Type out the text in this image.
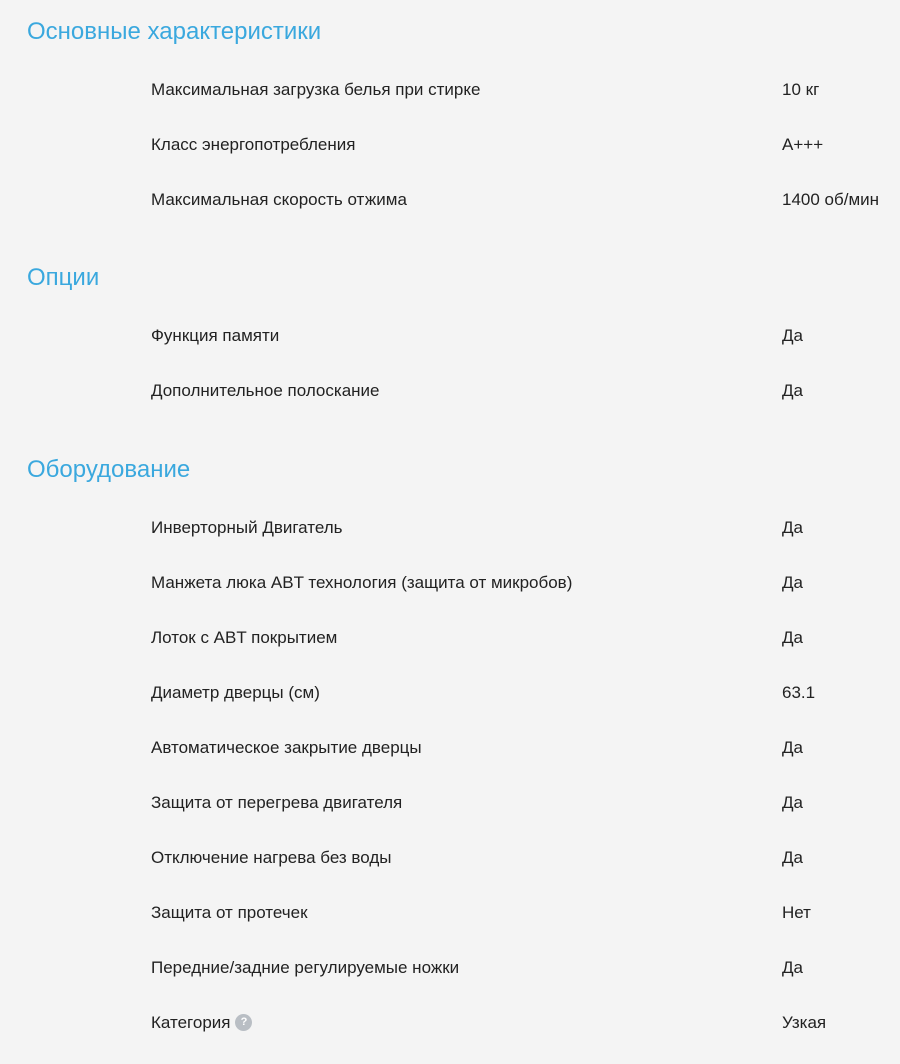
Основные характеристики
Максимальная загрузка белья при стирке	10 кг
Класс энергопотребления	A+++
Максимальная скорость отжима	1400 об/мин
Опции
Функция памяти	Да
Дополнительное полоскание	Да
Оборудование
Инверторный Двигатель	Да
Манжета люка ABT технология (защита от микробов)	Да
Лоток с ABT покрытием	Да
Диаметр дверцы (см)	63.1
Автоматическое закрытие дверцы	Да
Защита от перегрева двигателя	Да
Отключение нагрева без воды	Да
Защита от протечек	Нет
Передние/задние регулируемые ножки	Да
Категория ?	Узкая
